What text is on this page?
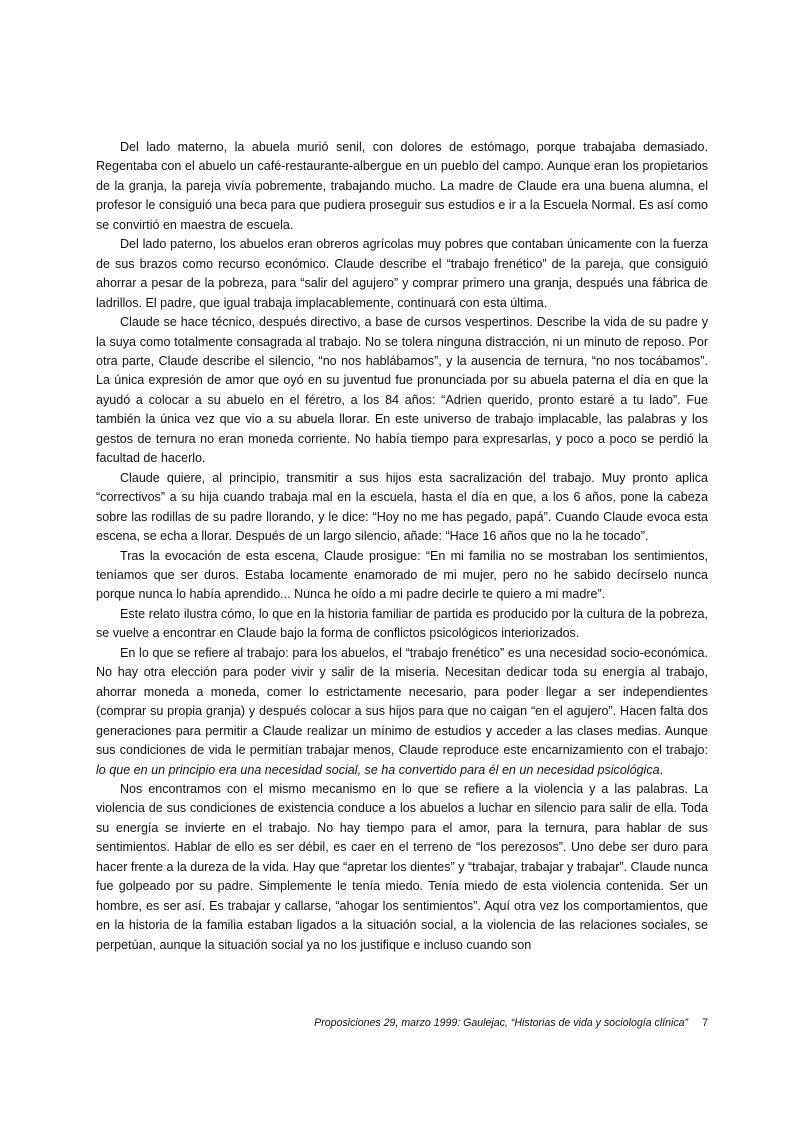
Del lado materno, la abuela murió senil, con dolores de estómago, porque trabajaba demasiado. Regentaba con el abuelo un café-restaurante-albergue en un pueblo del campo. Aunque eran los propietarios de la granja, la pareja vivía pobremente, trabajando mucho. La madre de Claude era una buena alumna, el profesor le consiguió una beca para que pudiera proseguir sus estudios e ir a la Escuela Normal. Es así como se convirtió en maestra de escuela.

Del lado paterno, los abuelos eran obreros agrícolas muy pobres que contaban únicamente con la fuerza de sus brazos como recurso económico. Claude describe el “trabajo frenético” de la pareja, que consiguió ahorrar a pesar de la pobreza, para “salir del agujero” y comprar primero una granja, después una fábrica de ladrillos. El padre, que igual trabaja implacablemente, continuará con esta última.

Claude se hace técnico, después directivo, a base de cursos vespertinos. Describe la vida de su padre y la suya como totalmente consagrada al trabajo. No se tolera ninguna distracción, ni un minuto de reposo. Por otra parte, Claude describe el silencio, “no nos hablábamos”, y la ausencia de ternura, “no nos tocábamos”. La única expresión de amor que oyó en su juventud fue pronunciada por su abuela paterna el día en que la ayudó a colocar a su abuelo en el féretro, a los 84 años: “Adrien querido, pronto estaré a tu lado”. Fue también la única vez que vio a su abuela llorar. En este universo de trabajo implacable, las palabras y los gestos de ternura no eran moneda corriente. No había tiempo para expresarlas, y poco a poco se perdió la facultad de hacerlo.

Claude quiere, al principio, transmitir a sus hijos esta sacralización del trabajo. Muy pronto aplica “correctivos” a su hija cuando trabaja mal en la escuela, hasta el día en que, a los 6 años, pone la cabeza sobre las rodillas de su padre llorando, y le dice: “Hoy no me has pegado, papá”. Cuando Claude evoca esta escena, se echa a llorar. Después de un largo silencio, añade: “Hace 16 años que no la he tocado”.

Tras la evocación de esta escena, Claude prosigue: “En mi familia no se mostraban los sentimientos, teníamos que ser duros. Estaba locamente enamorado de mi mujer, pero no he sabido decírselo nunca porque nunca lo había aprendido... Nunca he oído a mi padre decirle te quiero a mi madre”.

Este relato ilustra cómo, lo que en la historia familiar de partida es producido por la cultura de la pobreza, se vuelve a encontrar en Claude bajo la forma de conflictos psicológicos interiorizados.

En lo que se refiere al trabajo: para los abuelos, el “trabajo frenético” es una necesidad socio-económica. No hay otra elección para poder vivir y salir de la miseria. Necesitan dedicar toda su energía al trabajo, ahorrar moneda a moneda, comer lo estrictamente necesario, para poder llegar a ser independientes (comprar su propia granja) y después colocar a sus hijos para que no caigan “en el agujero”. Hacen falta dos generaciones para permitir a Claude realizar un mínimo de estudios y acceder a las clases medias. Aunque sus condiciones de vida le permitían trabajar menos, Claude reproduce este encarnizamiento con el trabajo: lo que en un principio era una necesidad social, se ha convertido para él en un necesidad psicológica.

Nos encontramos con el mismo mecanismo en lo que se refiere a la violencia y a las palabras. La violencia de sus condiciones de existencia conduce a los abuelos a luchar en silencio para salir de ella. Toda su energía se invierte en el trabajo. No hay tiempo para el amor, para la ternura, para hablar de sus sentimientos. Hablar de ello es ser débil, es caer en el terreno de “los perezosos”. Uno debe ser duro para hacer frente a la dureza de la vida. Hay que “apretar los dientes” y “trabajar, trabajar y trabajar”. Claude nunca fue golpeado por su padre. Simplemente le tenía miedo. Tenía miedo de esta violencia contenida. Ser un hombre, es ser así. Es trabajar y callarse, “ahogar los sentimientos”. Aquí otra vez los comportamientos, que en la historia de la familia estaban ligados a la situación social, a la violencia de las relaciones sociales, se perpetúan, aunque la situación social ya no los justifique e incluso cuando son

Proposiciones 29, marzo 1999: Gaulejac, “Historias de vida y sociología clínica” 7
